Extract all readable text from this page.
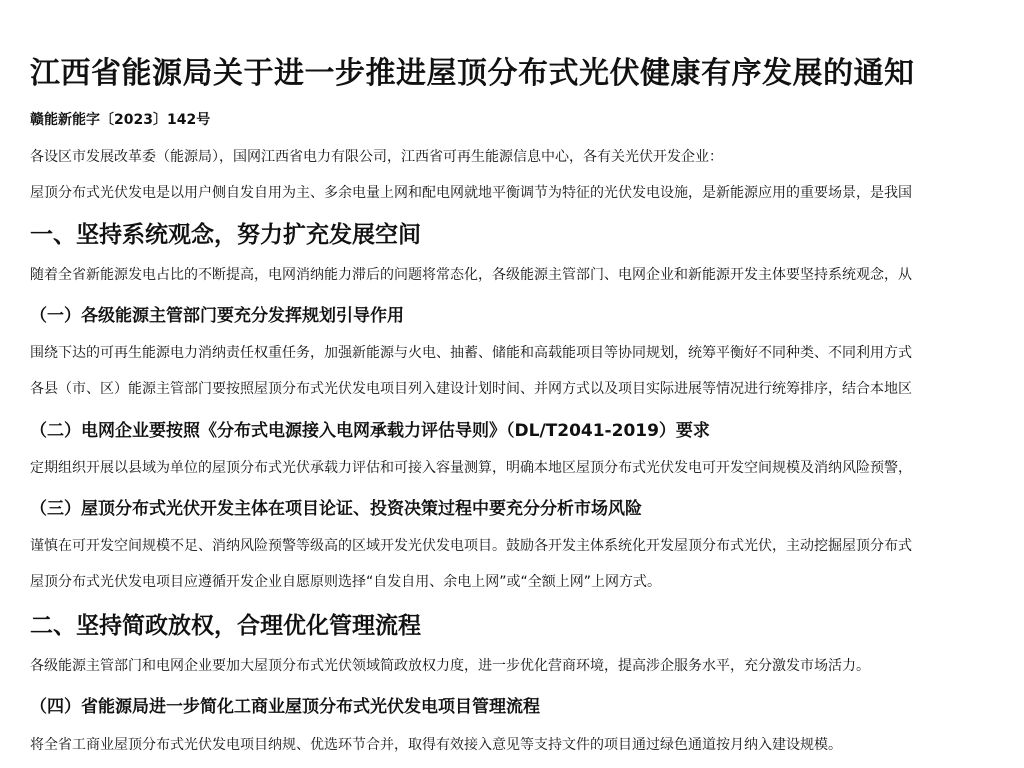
江西省能源局关于进一步推进屋顶分布式光伏健康有序发展的通知

赣能新能字〔2023〕142号

各设区市发展改革委（能源局），国网江西省电力有限公司，江西省可再生能源信息中心，各有关光伏开发企业：

屋顶分布式光伏发电是以用户侧自发自用为主、多余电量上网和配电网就地平衡调节为特征的光伏发电设施，是新能源应用的重要场景，是我国

一、坚持系统观念，努力扩充发展空间

随着全省新能源发电占比的不断提高，电网消纳能力滞后的问题将常态化，各级能源主管部门、电网企业和新能源开发主体要坚持系统观念，从

（一）各级能源主管部门要充分发挥规划引导作用

围绕下达的可再生能源电力消纳责任权重任务，加强新能源与火电、抽蓄、储能和高载能项目等协同规划，统筹平衡好不同种类、不同利用方式

各县（市、区）能源主管部门要按照屋顶分布式光伏发电项目列入建设计划时间、并网方式以及项目实际进展等情况进行统筹排序，结合本地区

（二）电网企业要按照《分布式电源接入电网承载力评估导则》（DL/T2041-2019）要求

定期组织开展以县域为单位的屋顶分布式光伏承载力评估和可接入容量测算，明确本地区屋顶分布式光伏发电可开发空间规模及消纳风险预警，

（三）屋顶分布式光伏开发主体在项目论证、投资决策过程中要充分分析市场风险

谨慎在可开发空间规模不足、消纳风险预警等级高的区域开发光伏发电项目。鼓励各开发主体系统化开发屋顶分布式光伏，主动挖掘屋顶分布式

屋顶分布式光伏发电项目应遵循开发企业自愿原则选择“自发自用、余电上网”或“全额上网”上网方式。

二、坚持简政放权，合理优化管理流程

各级能源主管部门和电网企业要加大屋顶分布式光伏领域简政放权力度，进一步优化营商环境，提高涉企服务水平，充分激发市场活力。

（四）省能源局进一步简化工商业屋顶分布式光伏发电项目管理流程

将全省工商业屋顶分布式光伏发电项目纳规、优选环节合并，取得有效接入意见等支持文件的项目通过绿色通道按月纳入建设规模。
